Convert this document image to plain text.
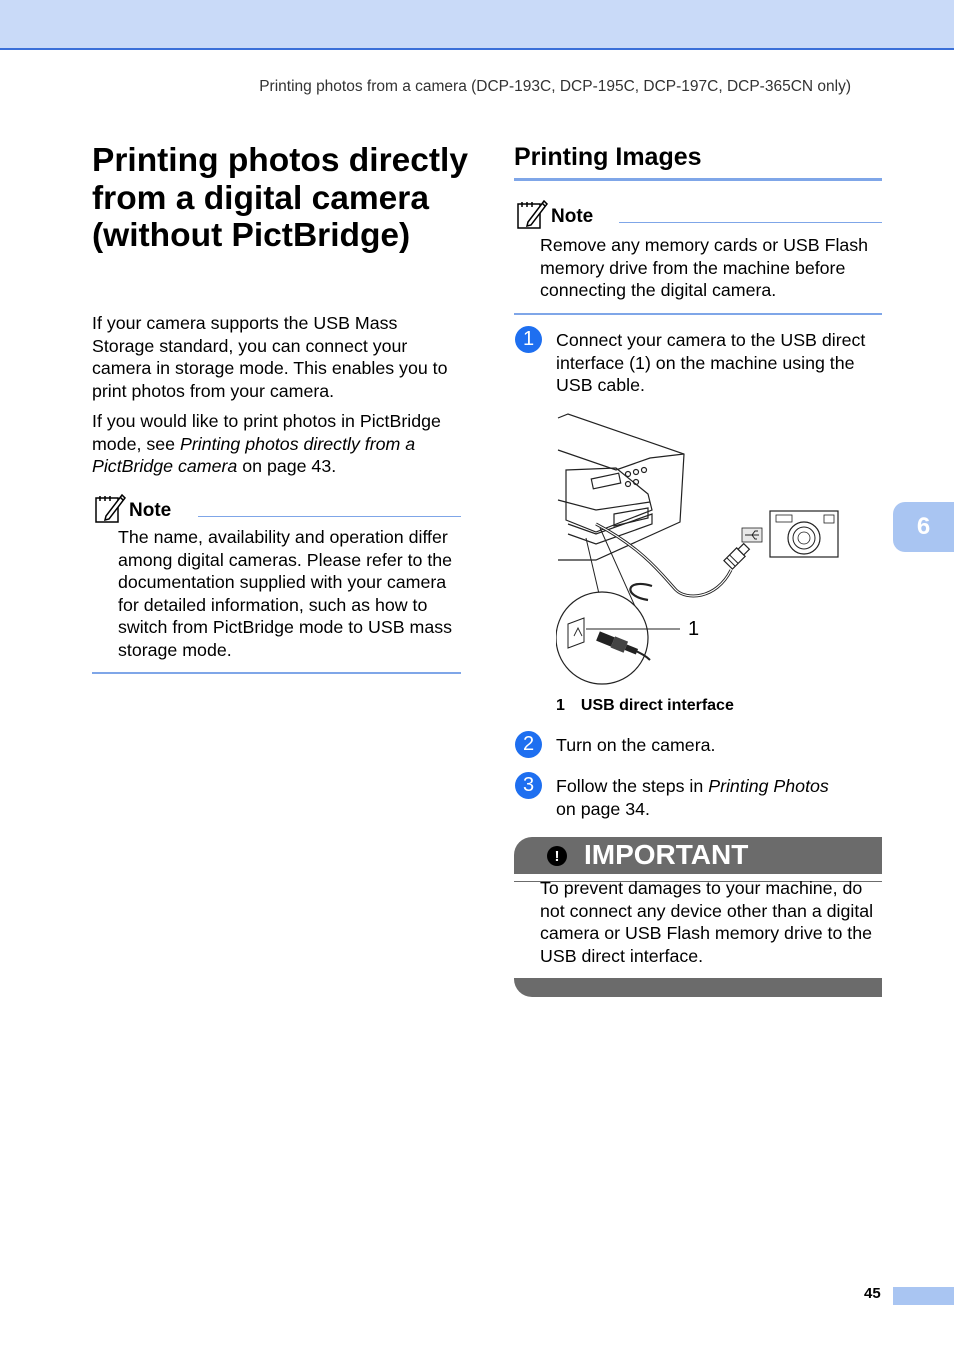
Printing photos from a camera (DCP-193C, DCP-195C, DCP-197C, DCP-365CN only)
6
Printing photos directly from a digital camera (without PictBridge)

If your camera supports the USB Mass Storage standard, you can connect your camera in storage mode. This enables you to print photos from your camera.

If you would like to print photos in PictBridge mode, see Printing photos directly from a PictBridge camera on page 43.

Note

The name, availability and operation differ among digital cameras. Please refer to the documentation supplied with your camera for detailed information, such as how to switch from PictBridge mode to USB mass storage mode.

Printing Images
Note

Remove any memory cards or USB Flash memory drive from the machine before connecting the digital camera.

1	Connect your camera to the USB direct interface (1) on the machine using the USB cable.

1
1 USB direct interface
2	Turn on the camera.

3	Follow the steps in Printing Photos
on page 34.

! IMPORTANT

To prevent damages to your machine, do not connect any device other than a digital camera or USB Flash memory drive to the USB direct interface.

45
